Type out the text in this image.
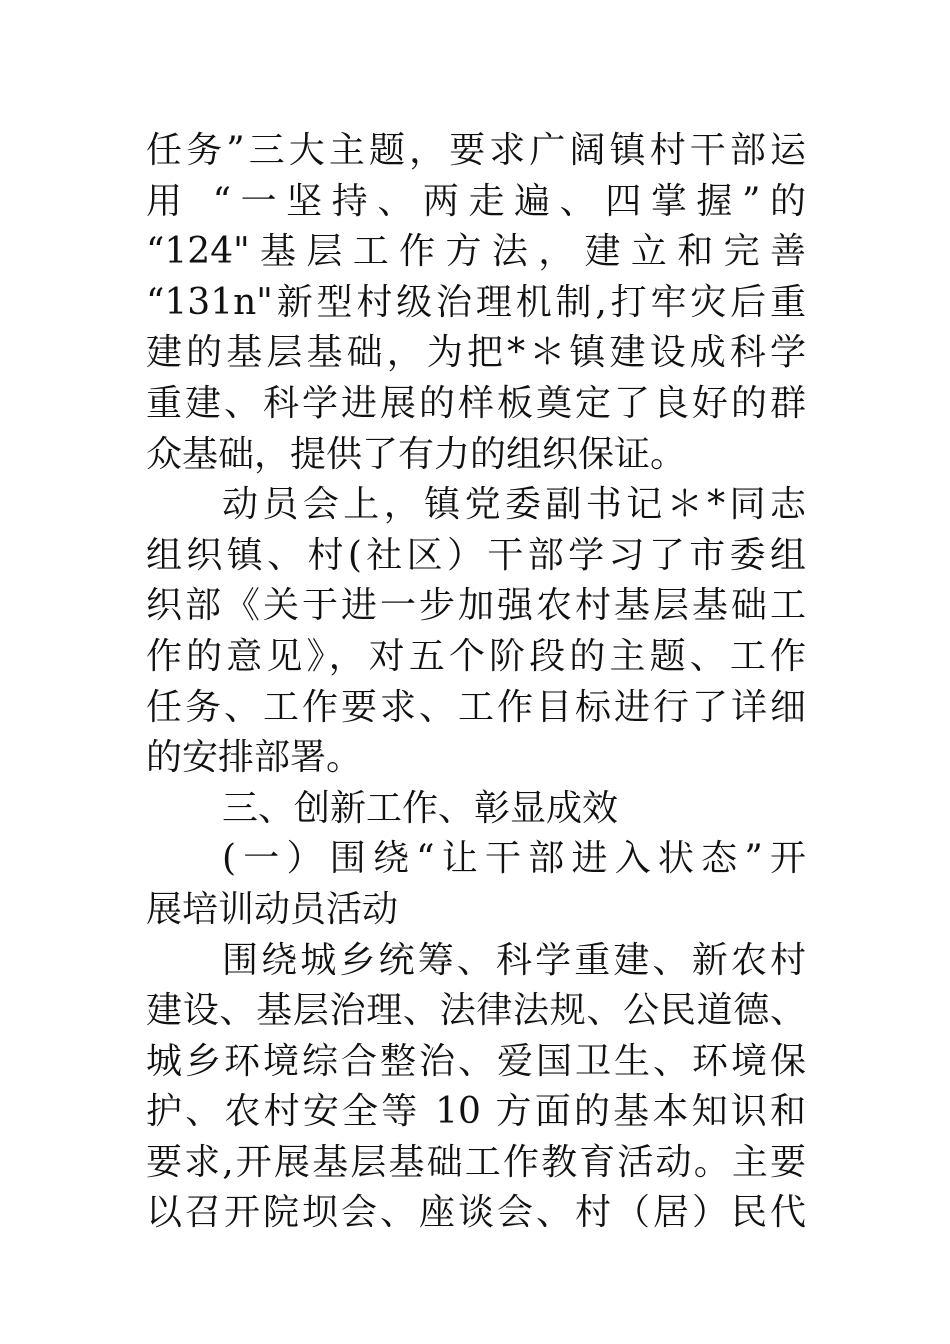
任务”三大主题，要求广阔镇村干部运
用 “一坚持、两走遍、四掌握”的
“124"基层工作方法，建立和完善
“131n"新型村级治理机制,打牢灾后重
建的基层基础，为把*＊镇建设成科学
重建、科学进展的样板奠定了良好的群
众基础，提供了有力的组织保证。
动员会上，镇党委副书记＊*同志
组织镇、村(社区）干部学习了市委组
织部《关于进一步加强农村基层基础工
作的意见》，对五个阶段的主题、工作
任务、工作要求、工作目标进行了详细
的安排部署。
三、创新工作、彰显成效
(一）围绕“让干部进入状态”开
展培训动员活动
围绕城乡统筹、科学重建、新农村
建设、基层治理、法律法规、公民道德、
城乡环境综合整治、爱国卫生、环境保
护、农村安全等 10 方面的基本知识和
要求,开展基层基础工作教育活动。主要
以召开院坝会、座谈会、村（居）民代
